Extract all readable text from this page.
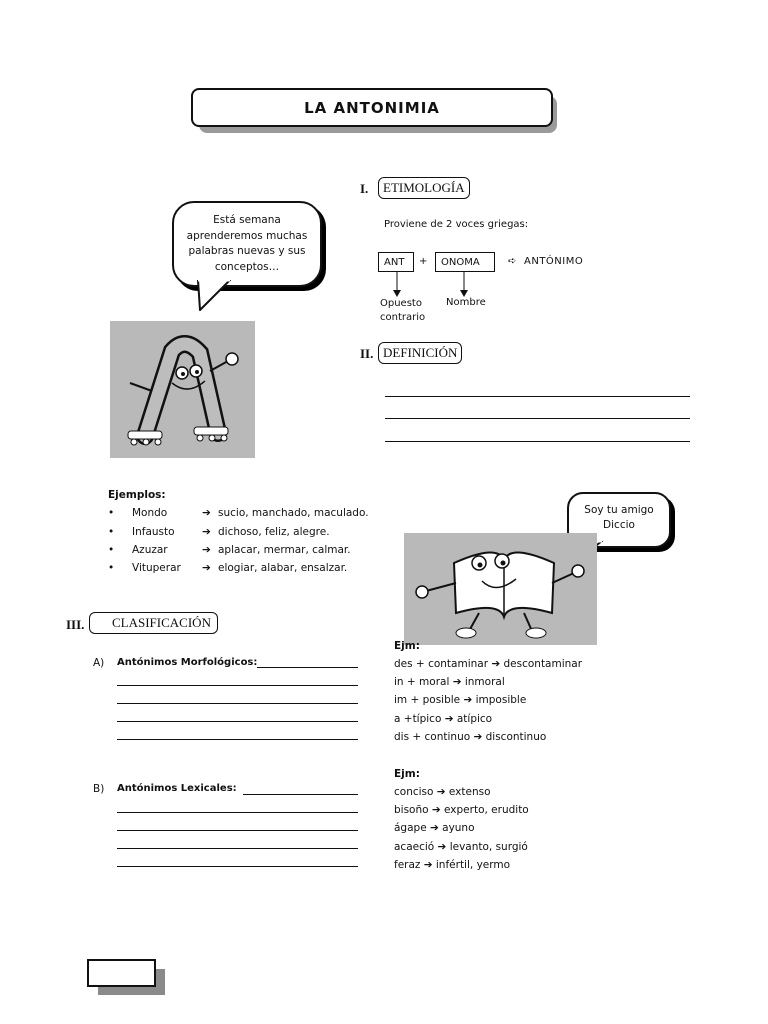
LA ANTONIMIA
I.	ETIMOLOGÍA
Proviene de 2 voces griegas:
ANT	+	ONOMA	➪ ANTÓNIMO
Opuesto
contrario
Nombre
II. DEFINICIÓN
Está semana
aprenderemos muchas
palabras nuevas y sus
conceptos…
Ejemplos:
• Mondo	➔ sucio, manchado, maculado.
• Infausto	➔ dichoso, feliz, alegre.
• Azuzar	➔ aplacar, mermar, calmar.
• Vituperar ➔ elogiar, alabar, ensalzar.
Soy tu amigo
Diccio
III.	CLASIFICACIÓN
A) Antónimos Morfológicos:
B) Antónimos Lexicales:
Ejm:
des + contaminar ➔ descontaminar
in + moral ➔ inmoral
im + posible ➔ imposible
a +típico ➔ atípico
dis + continuo ➔ discontinuo
Ejm:
conciso ➔ extenso
bisoño ➔ experto, erudito
ágape ➔ ayuno
acaeció ➔ levanto, surgió
feraz ➔ infértil, yermo
